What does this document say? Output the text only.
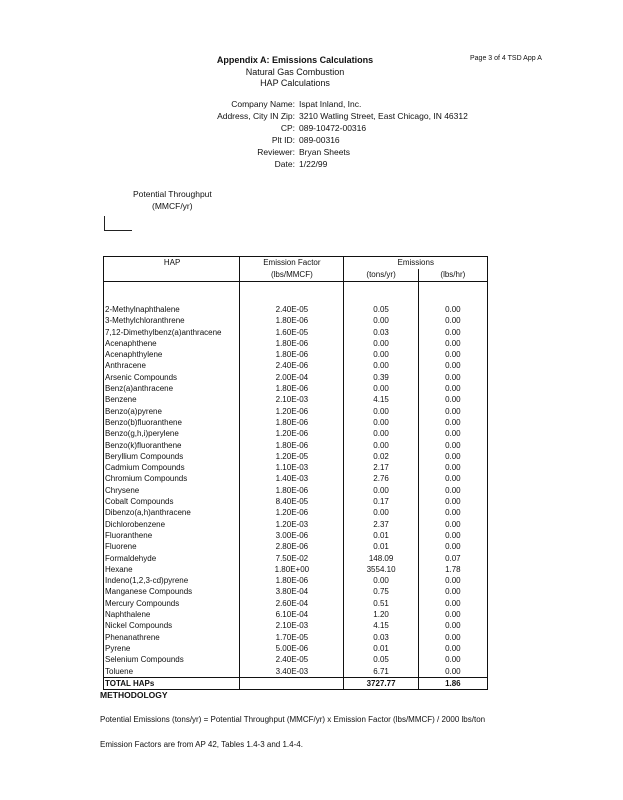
Appendix A: Emissions Calculations
Natural Gas Combustion
HAP Calculations
Page 3 of 4 TSD App A
Company Name: Ispat Inland, Inc.
Address, City IN Zip: 3210 Watling Street, East Chicago, IN 46312
CP: 089-10472-00316
Plt ID: 089-00316
Reviewer: Bryan Sheets
Date: 1/22/99
Potential Throughput
(MMCF/yr)
HAP	Emission Factor	Emissions	
	(lbs/MMCF)	(tons/yr)	(lbs/hr)

2-Methylnaphthalene	2.40E-05	0.05	0.00
3-Methylchloranthrene	1.80E-06	0.00	0.00
7,12-Dimethylbenz(a)anthracene	1.60E-05	0.03	0.00
Acenaphthene	1.80E-06	0.00	0.00
Acenaphthylene	1.80E-06	0.00	0.00
Anthracene	2.40E-06	0.00	0.00
Arsenic Compounds	2.00E-04	0.39	0.00
Benz(a)anthracene	1.80E-06	0.00	0.00
Benzene	2.10E-03	4.15	0.00
Benzo(a)pyrene	1.20E-06	0.00	0.00
Benzo(b)fluoranthene	1.80E-06	0.00	0.00
Benzo(g,h,i)perylene	1.20E-06	0.00	0.00
Benzo(k)fluoranthene	1.80E-06	0.00	0.00
Beryllium Compounds	1.20E-05	0.02	0.00
Cadmium Compounds	1.10E-03	2.17	0.00
Chromium Compounds	1.40E-03	2.76	0.00
Chrysene	1.80E-06	0.00	0.00
Cobalt Compounds	8.40E-05	0.17	0.00
Dibenzo(a,h)anthracene	1.20E-06	0.00	0.00
Dichlorobenzene	1.20E-03	2.37	0.00
Fluoranthene	3.00E-06	0.01	0.00
Fluorene	2.80E-06	0.01	0.00
Formaldehyde	7.50E-02	148.09	0.07
Hexane	1.80E+00	3554.10	1.78
Indeno(1,2,3-cd)pyrene	1.80E-06	0.00	0.00
Manganese Compounds	3.80E-04	0.75	0.00
Mercury Compounds	2.60E-04	0.51	0.00
Naphthalene	6.10E-04	1.20	0.00
Nickel Compounds	2.10E-03	4.15	0.00
Phenanathrene	1.70E-05	0.03	0.00
Pyrene	5.00E-06	0.01	0.00
Selenium Compounds	2.40E-05	0.05	0.00
Toluene	3.40E-03	6.71	0.00
TOTAL HAPs		3727.77	1.86
METHODOLOGY
Potential Emissions (tons/yr) = Potential Throughput (MMCF/yr) x Emission Factor (lbs/MMCF) / 2000 lbs/ton
Emission Factors are from AP 42, Tables 1.4-3 and 1.4-4.
